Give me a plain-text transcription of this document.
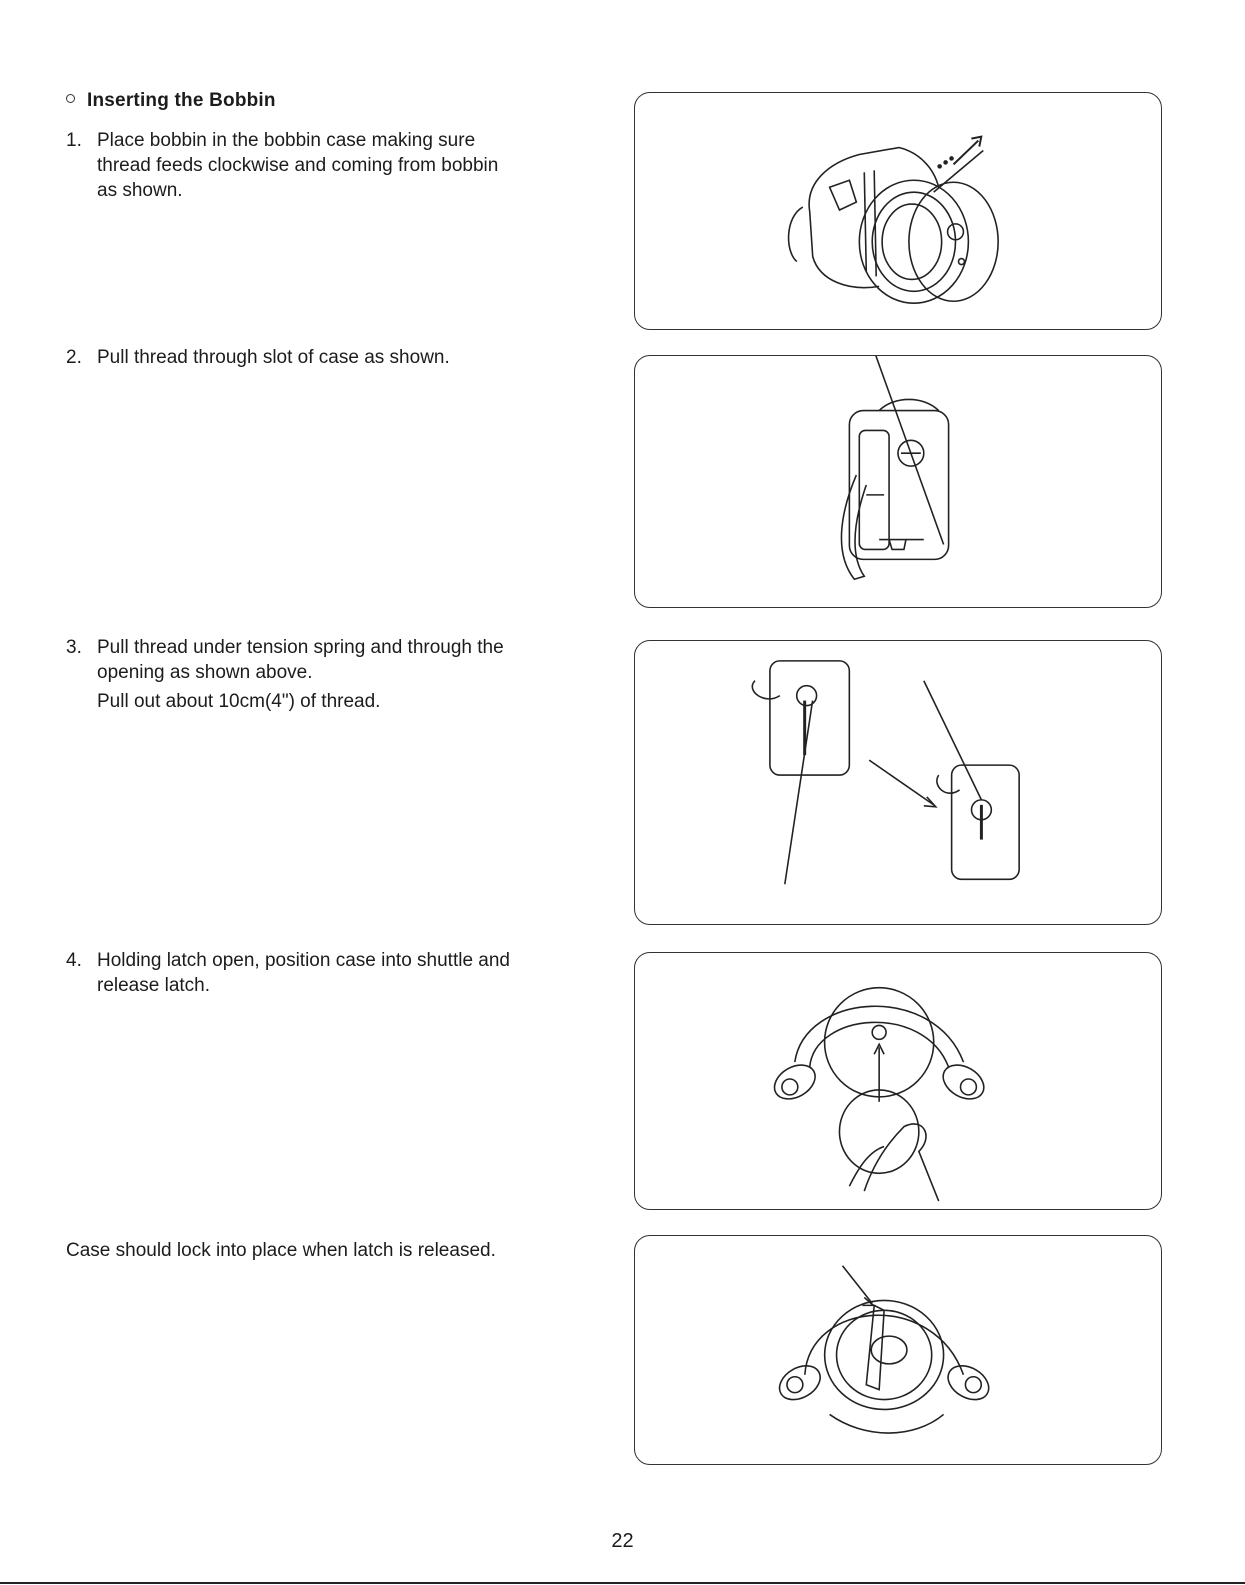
Inserting the Bobbin
1. Place bobbin in the bobbin case making sure

thread feeds clockwise and coming from bobbin

as shown.

2. Pull thread through slot of case as shown.

3. Pull thread under tension spring and through the

opening as shown above.

Pull out about 10cm(4") of thread.

4. Holding latch open, position case into shuttle and

release latch.

Case should lock into place when latch is released.
22
